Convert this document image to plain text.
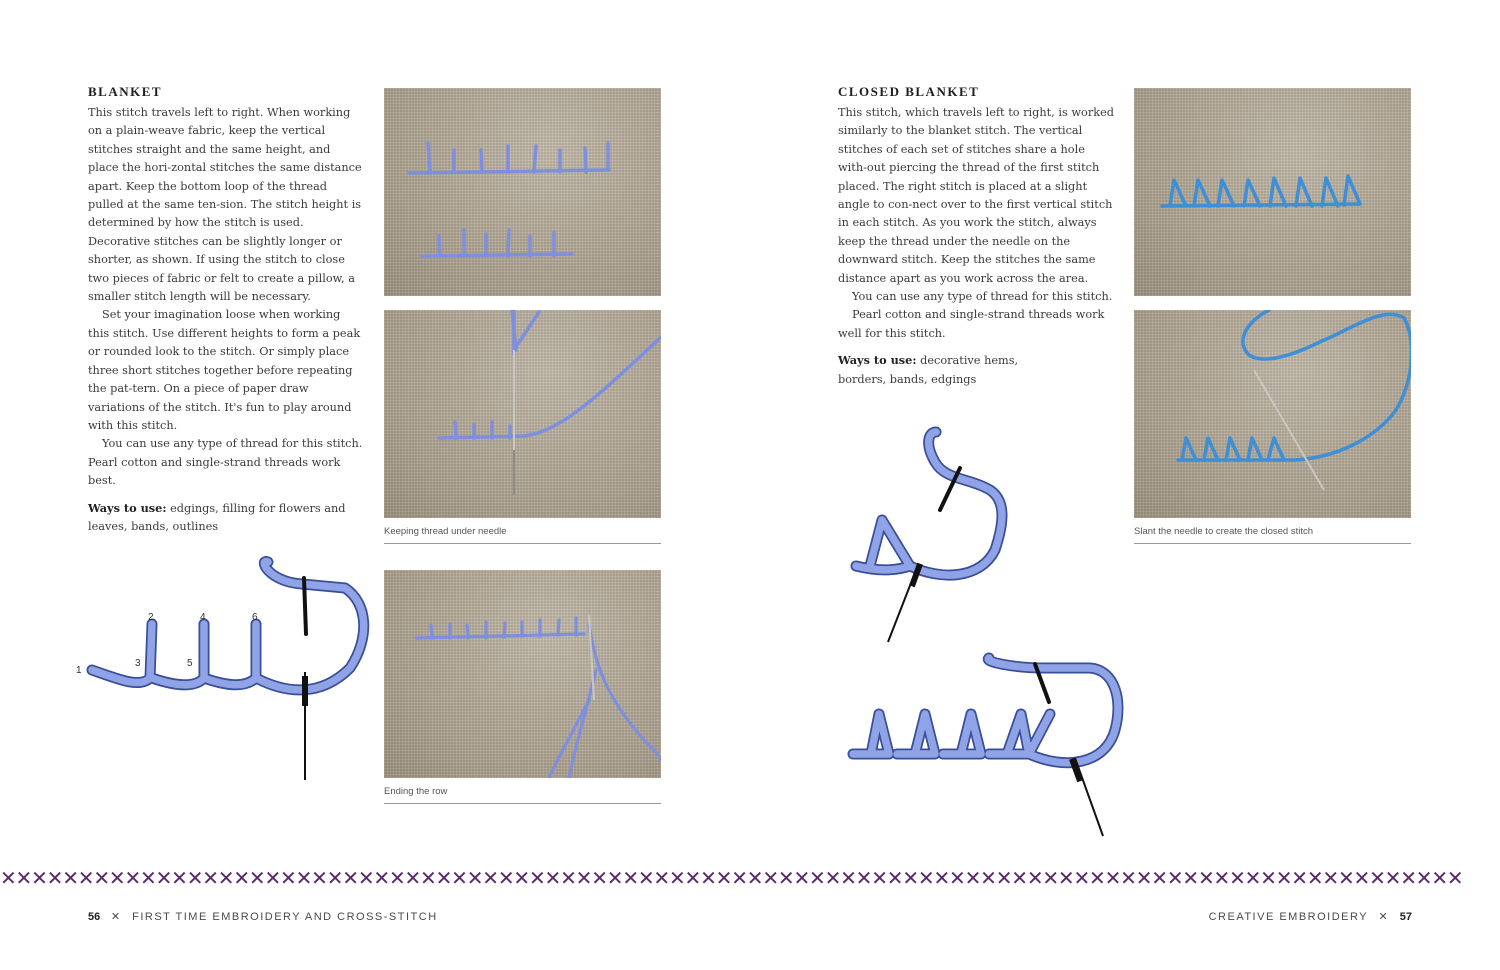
BLANKET

This stitch travels left to right. When working on a plain-weave fabric, keep the vertical stitches straight and the same height, and place the hori-zontal stitches the same distance apart. Keep the bottom loop of the thread pulled at the same ten-sion. The stitch height is determined by how the stitch is used. Decorative stitches can be slightly longer or shorter, as shown. If using the stitch to close two pieces of fabric or felt to create a pillow, a smaller stitch length will be necessary.

Set your imagination loose when working this stitch. Use different heights to form a peak or rounded look to the stitch. Or simply place three short stitches together before repeating the pat-tern. On a piece of paper draw variations of the stitch. It's fun to play around with this stitch.

You can use any type of thread for this stitch. Pearl cotton and single-strand threads work best.

Ways to use: edgings, filling for flowers and leaves, bands, outlines	Keeping thread under needle
Ending the row
1
2
3
4
5
6
CLOSED BLANKET

This stitch, which travels left to right, is worked similarly to the blanket stitch. The vertical stitches of each set of stitches share a hole with-out piercing the thread of the first stitch placed. The right stitch is placed at a slight angle to con-nect over to the first vertical stitch in each stitch. As you work the stitch, always keep the thread under the needle on the downward stitch. Keep the stitches the same distance apart as you work across the area.

You can use any type of thread for this stitch.

Pearl cotton and single-strand threads work well for this stitch.

Ways to use: decorative hems, borders, bands, edgings

Slant the needle to create the closed stitch
✕✕✕✕✕✕✕✕✕✕✕✕✕✕✕✕✕✕✕✕✕✕✕✕✕✕✕✕✕✕✕✕✕✕✕✕✕✕✕✕✕✕✕✕✕✕✕✕✕✕✕✕✕✕✕✕✕✕✕✕✕✕✕✕✕✕✕✕✕✕✕✕✕✕✕✕✕✕✕✕✕✕✕✕✕✕✕✕✕✕✕✕✕✕
56 ✕ FIRST TIME EMBROIDERY AND CROSS-STITCH	CREATIVE EMBROIDERY ✕ 57
